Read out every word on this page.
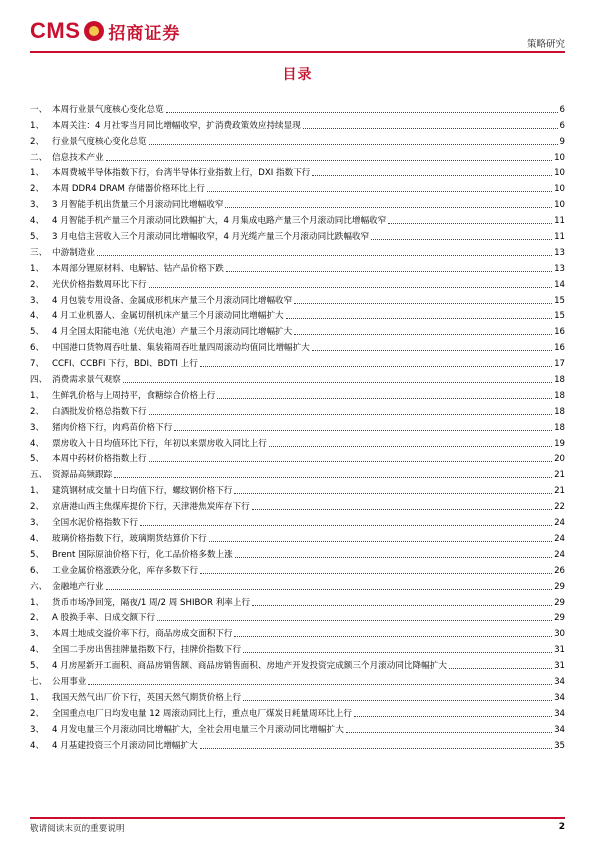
CMS 招商证券
策略研究
目录
一、 本周行业景气度核心变化总览	6
1、 本周关注：4 月社零当月同比增幅收窄，扩消费政策效应持续显现	6
2、 行业景气度核心变化总览	9
二、 信息技术产业	10
1、 本周费城半导体指数下行，台湾半导体行业指数上行，DXI 指数下行	10
2、 本周 DDR4 DRAM 存储器价格环比上行	10
3、 3 月智能手机出货量三个月滚动同比增幅收窄	10
4、 4 月智能手机产量三个月滚动同比跌幅扩大，4 月集成电路产量三个月滚动同比增幅收窄	11
5、 3 月电信主营收入三个月滚动同比增幅收窄，4 月光缆产量三个月滚动同比跌幅收窄	11
三、 中游制造业	13
1、 本周部分锂原材料、电解钴、钴产品价格下跌	13
2、 光伏价格指数周环比下行	14
3、 4 月包装专用设备、金属成形机床产量三个月滚动同比增幅收窄	15
4、 4 月工业机器人、金属切削机床产量三个月滚动同比增幅扩大	15
5、 4 月全国太阳能电池（光伏电池）产量三个月滚动同比增幅扩大	16
6、 中国港口货物周吞吐量、集装箱周吞吐量四周滚动均值同比增幅扩大	16
7、 CCFI、CCBFI 下行，BDI、BDTI 上行	17
四、 消费需求景气观察	18
1、 生鲜乳价格与上周持平，食糖综合价格上行	18
2、 白酒批发价格总指数下行	18
3、 猪肉价格下行，肉鸡苗价格下行	18
4、 票房收入十日均值环比下行，年初以来票房收入同比上行	19
5、 本周中药材价格指数上行	20
五、 资源品高频跟踪	21
1、 建筑钢材成交量十日均值下行，螺纹钢价格下行	21
2、 京唐港山西主焦煤库提价下行，天津港焦炭库存下行	22
3、 全国水泥价格指数下行	24
4、 玻璃价格指数下行，玻璃期货结算价下行	24
5、 Brent 国际原油价格下行，化工品价格多数上涨	24
6、 工业金属价格涨跌分化，库存多数下行	26
六、 金融地产行业	29
1、 货币市场净回笼，隔夜/1 周/2 周 SHIBOR 利率上行	29
2、 A 股换手率、日成交额下行	29
3、 本周土地成交溢价率下行，商品房成交面积下行	30
4、 全国二手房出售挂牌量指数下行，挂牌价指数下行	31
5、 4 月房屋新开工面积、商品房销售额、商品房销售面积、房地产开发投资完成额三个月滚动同比降幅扩大	31
七、 公用事业	34
1、 我国天然气出厂价下行，英国天然气期货价格上行	34
2、 全国重点电厂日均发电量 12 周滚动同比上行，重点电厂煤炭日耗量周环比上行	34
3、 4 月发电量三个月滚动同比增幅扩大，全社会用电量三个月滚动同比增幅扩大	34
4、 4 月基建投资三个月滚动同比增幅扩大	35
敬请阅读末页的重要说明	2
